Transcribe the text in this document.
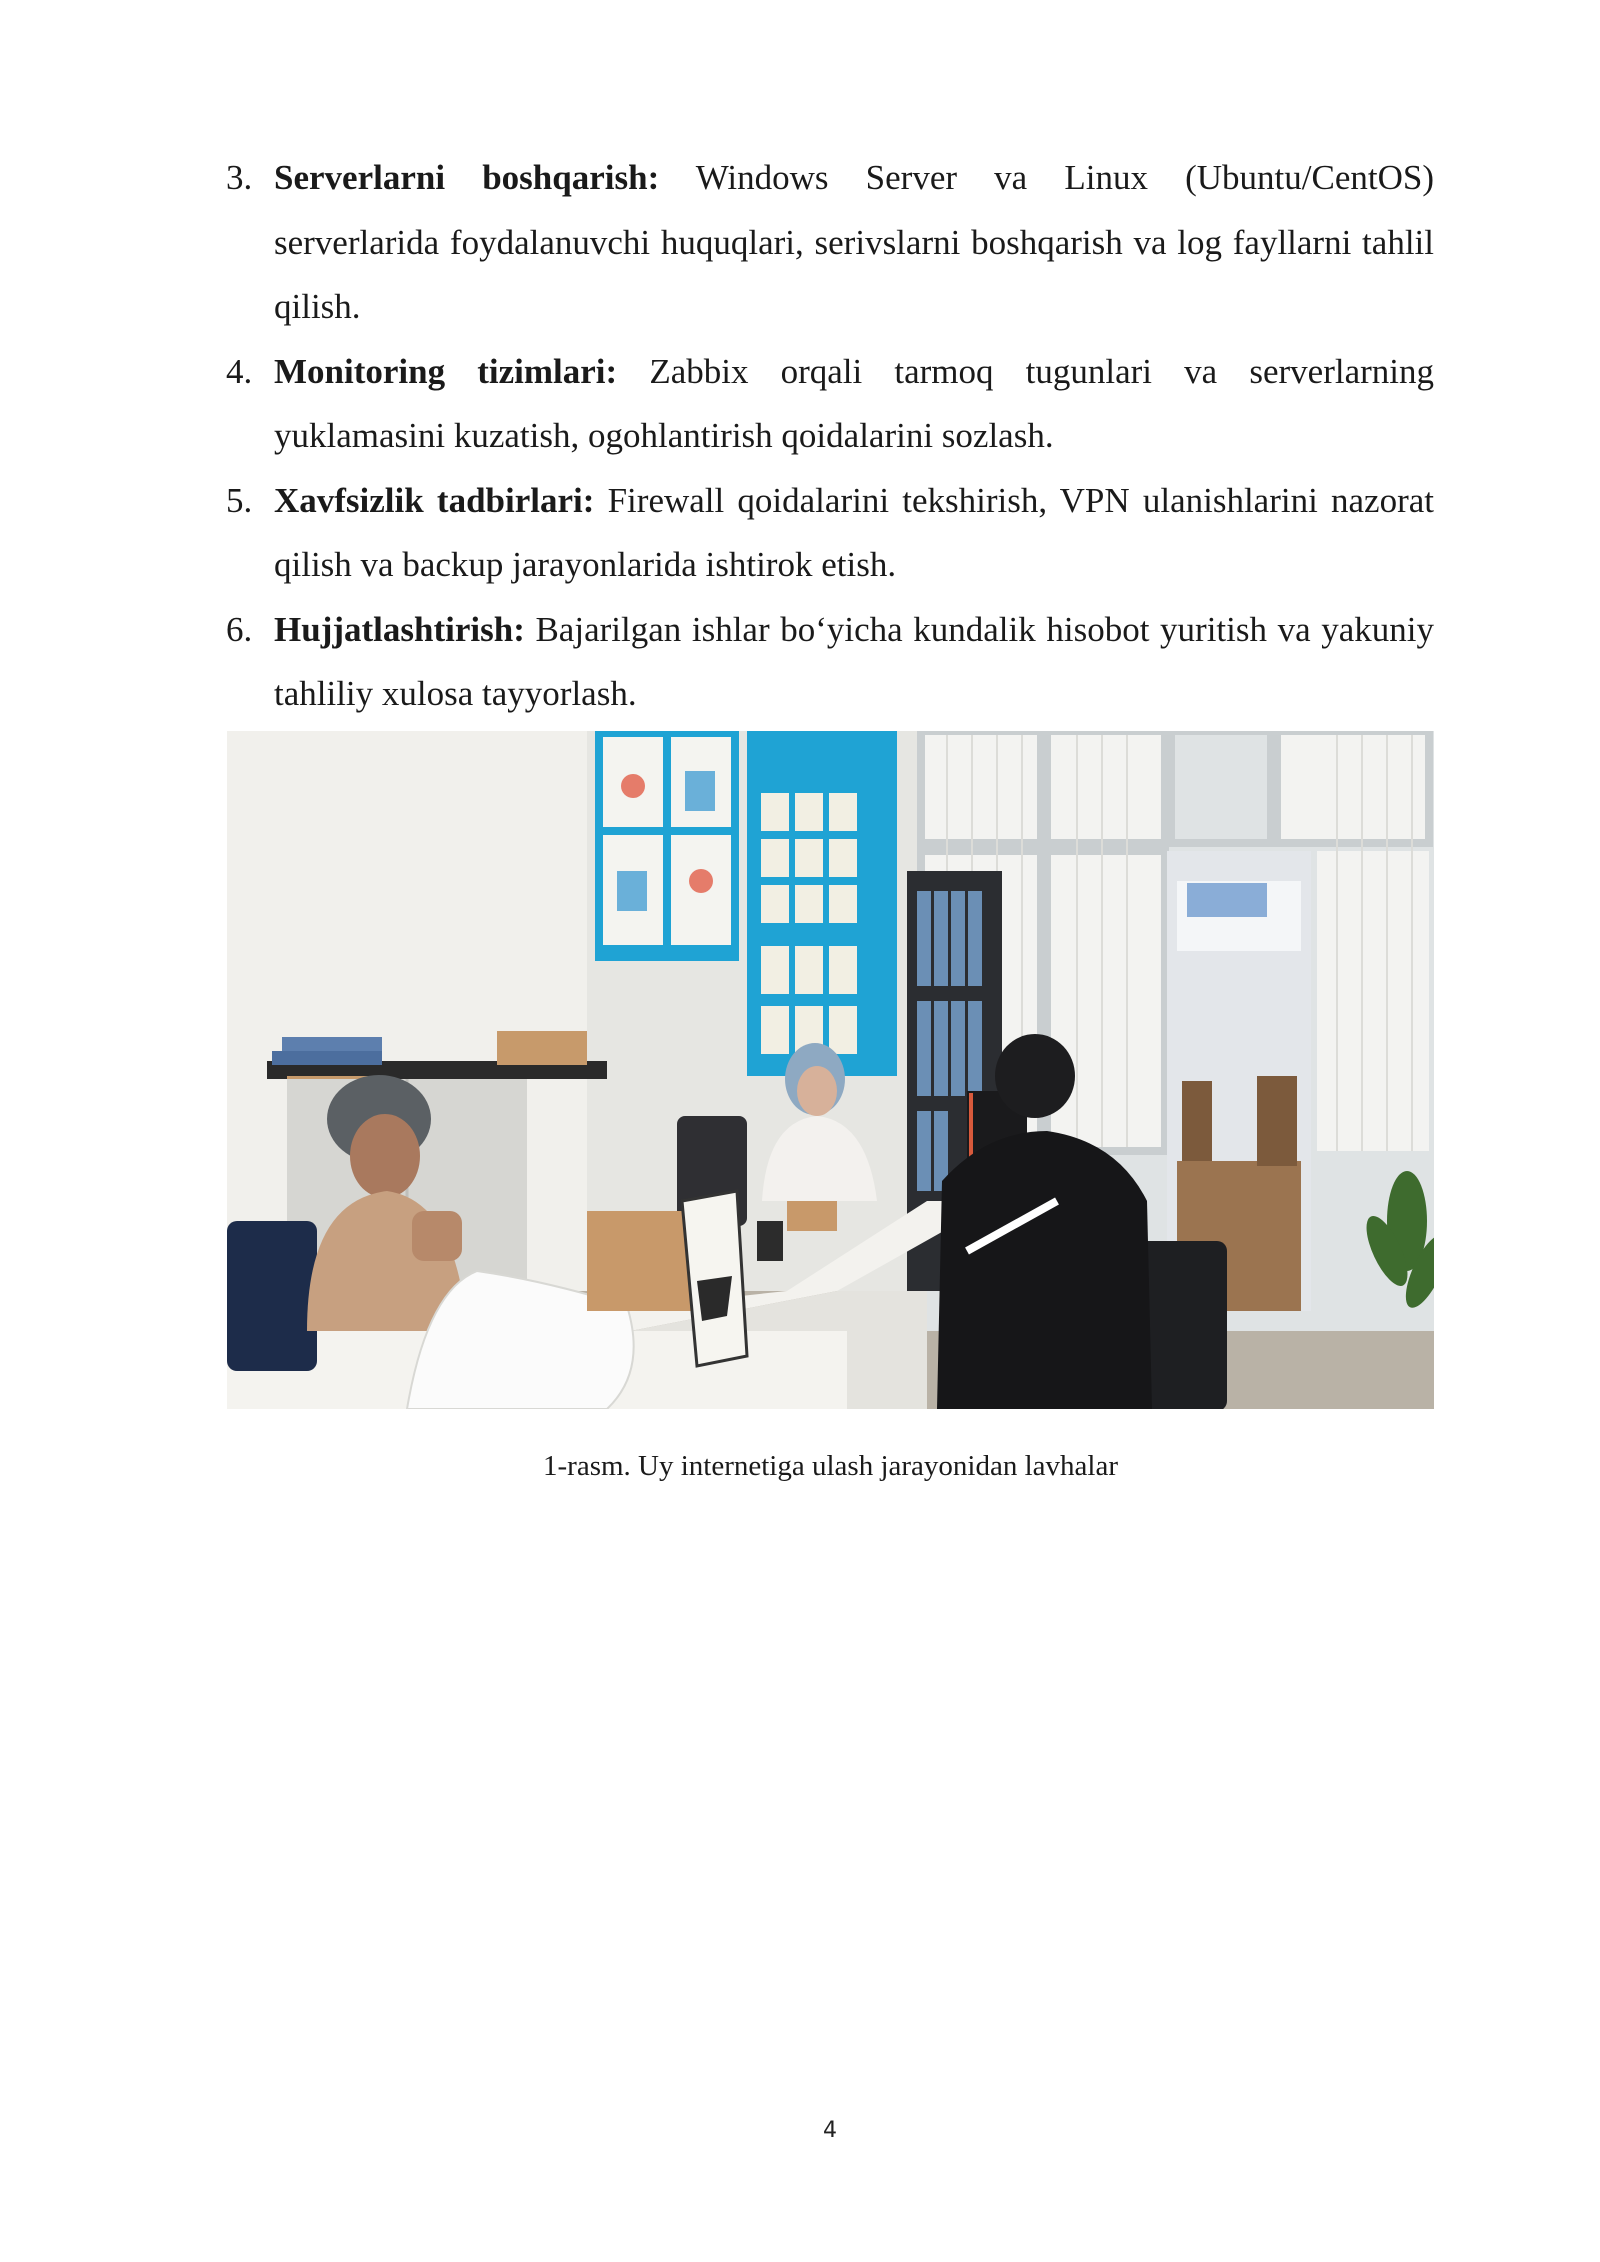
3. Serverlarni boshqarish: Windows Server va Linux (Ubuntu/CentOS) serverlarida foydalanuvchi huquqlari, serivslarni boshqarish va log fayllarni tahlil qilish.
4. Monitoring tizimlari: Zabbix orqali tarmoq tugunlari va serverlarning yuklamasini kuzatish, ogohlantirish qoidalarini sozlash.
5. Xavfsizlik tadbirlari: Firewall qoidalarini tekshirish, VPN ulanishlarini nazorat qilish va backup jarayonlarida ishtirok etish.
6. Hujjatlashtirish: Bajarilgan ishlar bo‘yicha kundalik hisobot yuritish va yakuniy tahliliy xulosa tayyorlash.
1-rasm. Uy internetiga ulash jarayonidan lavhalar
4
